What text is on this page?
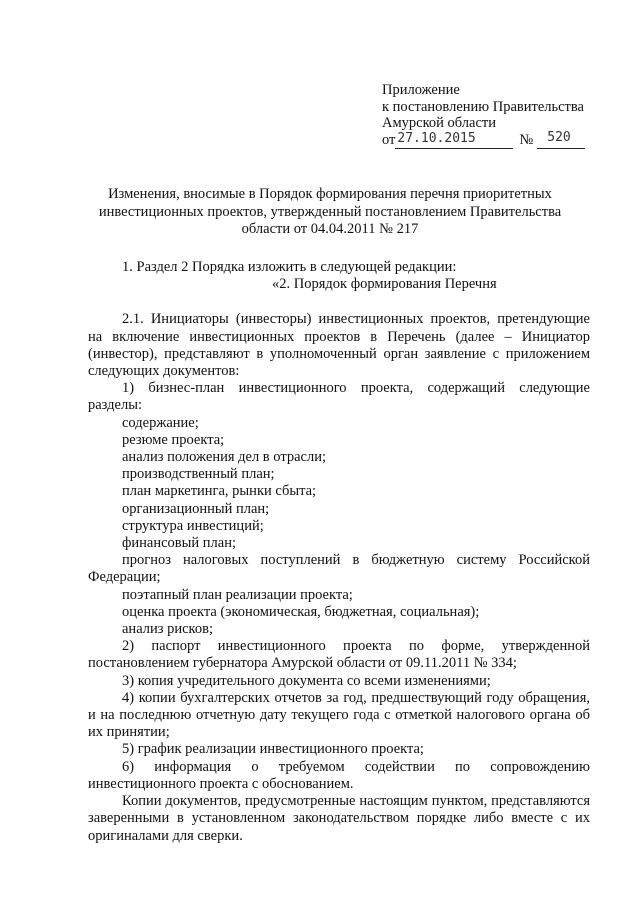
Приложение
к постановлению Правительства
Амурской области
от 27.10.2015	№ 520
Изменения, вносимые в Порядок формирования перечня приоритетных
инвестиционных проектов, утвержденный постановлением Правительства
области от 04.04.2011 № 217

1. Раздел 2 Порядка изложить в следующей редакции:

«2. Порядок формирования Перечня

2.1. Инициаторы (инвесторы) инвестиционных проектов, претендующие на включение инвестиционных проектов в Перечень (далее – Инициатор (инвестор), представляют в уполномоченный орган заявление с приложением следующих документов:

1) бизнес-план инвестиционного проекта, содержащий следующие разделы:

содержание;

резюме проекта;

анализ положения дел в отрасли;

производственный план;

план маркетинга, рынки сбыта;

организационный план;

структура инвестиций;

финансовый план;

прогноз налоговых поступлений в бюджетную систему Российской Федерации;

поэтапный план реализации проекта;

оценка проекта (экономическая, бюджетная, социальная);

анализ рисков;

2) паспорт инвестиционного проекта по форме, утвержденной постановлением губернатора Амурской области от 09.11.2011 № 334;

3) копия учредительного документа со всеми изменениями;

4) копии бухгалтерских отчетов за год, предшествующий году обращения, и на последнюю отчетную дату текущего года с отметкой налогового органа об их принятии;

5) график реализации инвестиционного проекта;

6) информация о требуемом содействии по сопровождению инвестиционного проекта с обоснованием.

Копии документов, предусмотренные настоящим пунктом, представляются заверенными в установленном законодательством порядке либо вместе с их оригиналами для сверки.
